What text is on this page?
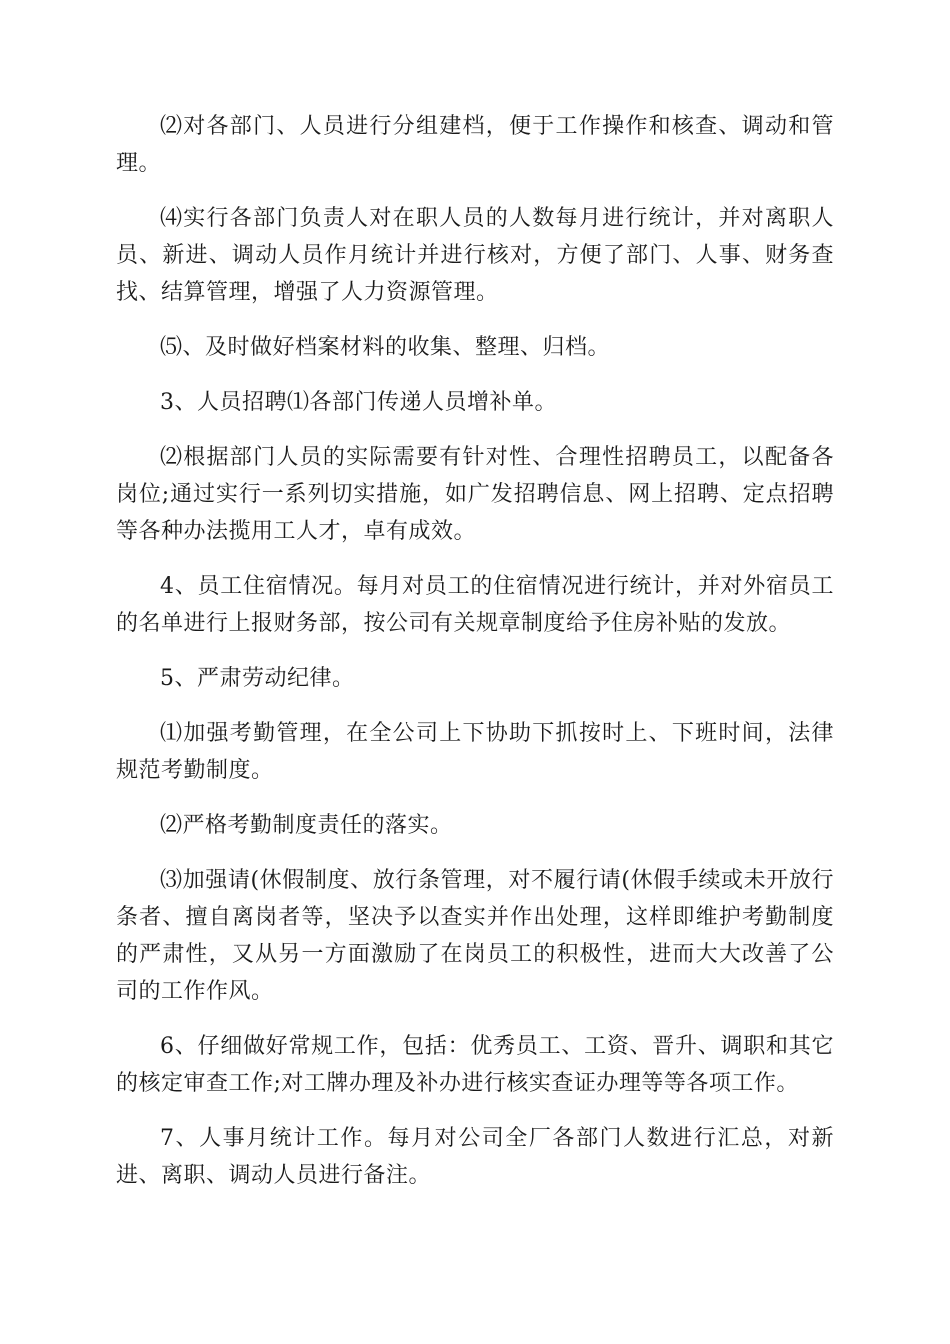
⑵对各部门、人员进行分组建档，便于工作操作和核查、调动和管理。

⑷实行各部门负责人对在职人员的人数每月进行统计，并对离职人员、新进、调动人员作月统计并进行核对，方便了部门、人事、财务查找、结算管理，增强了人力资源管理。

⑸、及时做好档案材料的收集、整理、归档。

3、人员招聘⑴各部门传递人员增补单。

⑵根据部门人员的实际需要有针对性、合理性招聘员工，以配备各岗位;通过实行一系列切实措施，如广发招聘信息、网上招聘、定点招聘等各种办法揽用工人才，卓有成效。

4、员工住宿情况。每月对员工的住宿情况进行统计，并对外宿员工的名单进行上报财务部，按公司有关规章制度给予住房补贴的发放。

5、严肃劳动纪律。

⑴加强考勤管理，在全公司上下协助下抓按时上、下班时间，法律规范考勤制度。

⑵严格考勤制度责任的落实。

⑶加强请(休假制度、放行条管理，对不履行请(休假手续或未开放行条者、擅自离岗者等，坚决予以查实并作出处理，这样即维护考勤制度的严肃性，又从另一方面激励了在岗员工的积极性，进而大大改善了公司的工作作风。

6、仔细做好常规工作，包括：优秀员工、工资、晋升、调职和其它的核定审查工作;对工牌办理及补办进行核实查证办理等等各项工作。

7、人事月统计工作。每月对公司全厂各部门人数进行汇总，对新进、离职、调动人员进行备注。
